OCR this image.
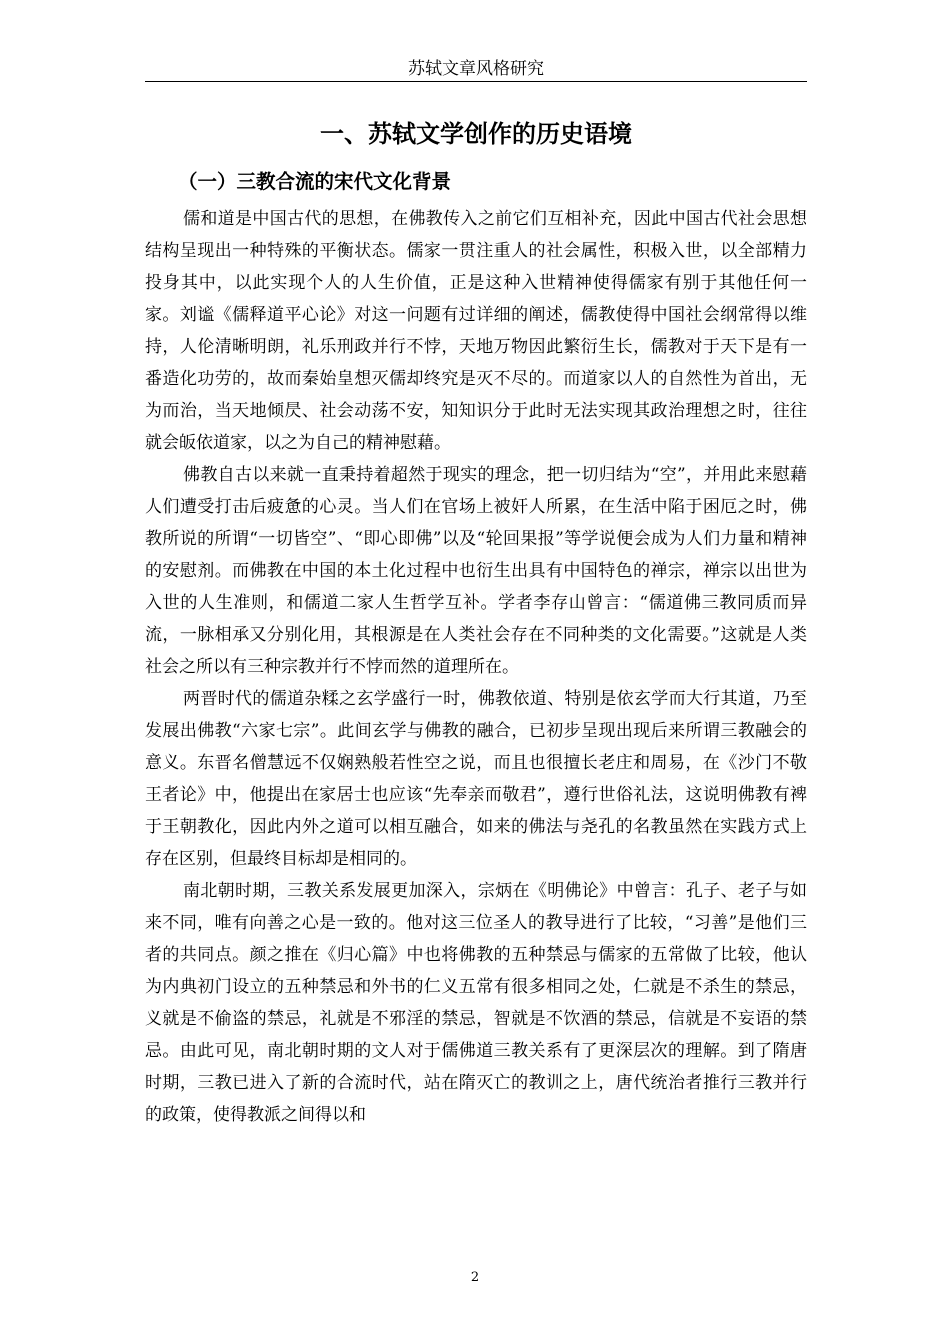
苏轼文章风格研究
一、苏轼文学创作的历史语境
（一）三教合流的宋代文化背景

儒和道是中国古代的思想，在佛教传入之前它们互相补充，因此中国古代社会思想结构呈现出一种特殊的平衡状态。儒家一贯注重人的社会属性，积极入世，以全部精力投身其中，以此实现个人的人生价值，正是这种入世精神使得儒家有别于其他任何一家。刘谧《儒释道平心论》对这一问题有过详细的阐述，儒教使得中国社会纲常得以维持，人伦清晰明朗，礼乐刑政并行不悖，天地万物因此繁衍生长，儒教对于天下是有一番造化功劳的，故而秦始皇想灭儒却终究是灭不尽的。而道家以人的自然性为首出，无为而治，当天地倾昃、社会动荡不安，知知识分于此时无法实现其政治理想之时，往往就会皈依道家，以之为自己的精神慰藉。

佛教自古以来就一直秉持着超然于现实的理念，把一切归结为“空”，并用此来慰藉人们遭受打击后疲惫的心灵。当人们在官场上被奸人所累，在生活中陷于困厄之时，佛教所说的所谓“一切皆空”、“即心即佛”以及“轮回果报”等学说便会成为人们力量和精神的安慰剂。而佛教在中国的本土化过程中也衍生出具有中国特色的禅宗，禅宗以出世为入世的人生准则，和儒道二家人生哲学互补。学者李存山曾言：“儒道佛三教同质而异流，一脉相承又分别化用，其根源是在人类社会存在不同种类的文化需要。”这就是人类社会之所以有三种宗教并行不悖而然的道理所在。

两晋时代的儒道杂糅之玄学盛行一时，佛教依道、特别是依玄学而大行其道，乃至发展出佛教“六家七宗”。此间玄学与佛教的融合，已初步呈现出现后来所谓三教融会的意义。东晋名僧慧远不仅娴熟般若性空之说，而且也很擅长老庄和周易，在《沙门不敬王者论》中，他提出在家居士也应该“先奉亲而敬君”，遵行世俗礼法，这说明佛教有裨于王朝教化，因此内外之道可以相互融合，如来的佛法与尧孔的名教虽然在实践方式上存在区别，但最终目标却是相同的。

南北朝时期，三教关系发展更加深入，宗炳在《明佛论》中曾言：孔子、老子与如来不同，唯有向善之心是一致的。他对这三位圣人的教导进行了比较，“习善”是他们三者的共同点。颜之推在《归心篇》中也将佛教的五种禁忌与儒家的五常做了比较，他认为内典初门设立的五种禁忌和外书的仁义五常有很多相同之处，仁就是不杀生的禁忌，义就是不偷盗的禁忌，礼就是不邪淫的禁忌，智就是不饮酒的禁忌，信就是不妄语的禁忌。由此可见，南北朝时期的文人对于儒佛道三教关系有了更深层次的理解。到了隋唐时期，三教已进入了新的合流时代，站在隋灭亡的教训之上，唐代统治者推行三教并行的政策，使得教派之间得以和

2
